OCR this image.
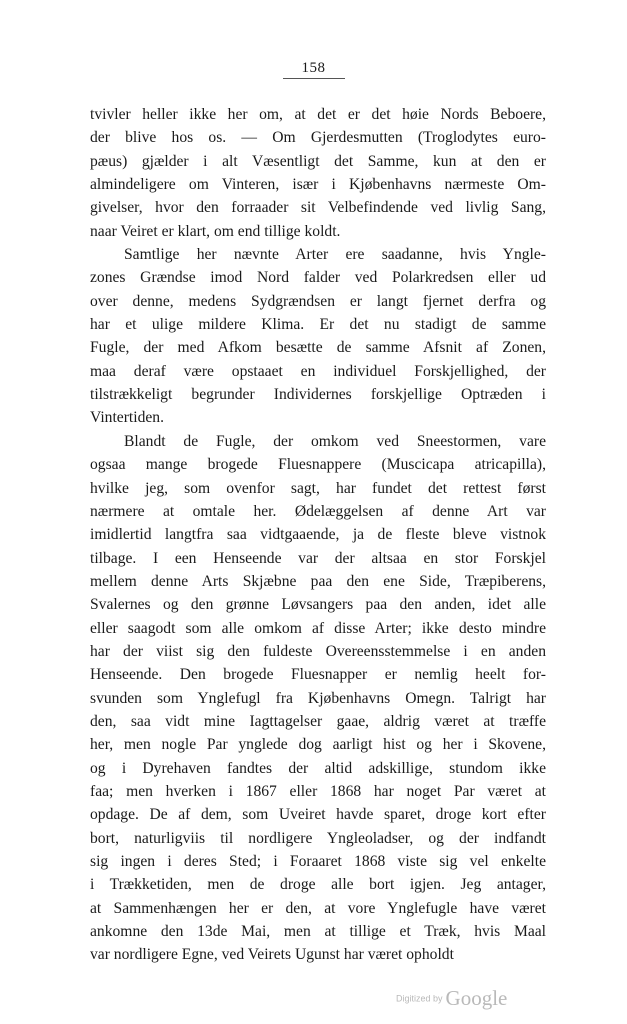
158
tvivler heller ikke her om, at det er det høie Nords Beboere,
der blive hos os. — Om Gjerdesmutten (Troglodytes euro-
pæus) gjælder i alt Væsentligt det Samme, kun at den er
almindeligere om Vinteren, især i Kjøbenhavns nærmeste Om-
givelser, hvor den forraader sit Velbefindende ved livlig Sang,
naar Veiret er klart, om end tillige koldt.
Samtlige her nævnte Arter ere saadanne, hvis Yngle-
zones Grændse imod Nord falder ved Polarkredsen eller ud
over denne, medens Sydgrændsen er langt fjernet derfra og
har et ulige mildere Klima. Er det nu stadigt de samme
Fugle, der med Afkom besætte de samme Afsnit af Zonen,
maa deraf være opstaaet en individuel Forskjellighed, der
tilstrækkeligt begrunder Individernes forskjellige Optræden i
Vintertiden.
Blandt de Fugle, der omkom ved Sneestormen, vare
ogsaa mange brogede Fluesnappere (Muscicapa atricapilla),
hvilke jeg, som ovenfor sagt, har fundet det rettest først
nærmere at omtale her. Ødelæggelsen af denne Art var
imidlertid langtfra saa vidtgaaende, ja de fleste bleve vistnok
tilbage. I een Henseende var der altsaa en stor Forskjel
mellem denne Arts Skjæbne paa den ene Side, Træpiberens,
Svalernes og den grønne Løvsangers paa den anden, idet alle
eller saagodt som alle omkom af disse Arter; ikke desto mindre
har der viist sig den fuldeste Overeensstemmelse i en anden
Henseende. Den brogede Fluesnapper er nemlig heelt for-
svunden som Ynglefugl fra Kjøbenhavns Omegn. Talrigt har
den, saa vidt mine Iagttagelser gaae, aldrig været at træffe
her, men nogle Par ynglede dog aarligt hist og her i Skovene,
og i Dyrehaven fandtes der altid adskillige, stundom ikke
faa; men hverken i 1867 eller 1868 har noget Par været at
opdage. De af dem, som Uveiret havde sparet, droge kort efter
bort, naturligviis til nordligere Yngleoladser, og der indfandt
sig ingen i deres Sted; i Foraaret 1868 viste sig vel enkelte
i Trækketiden, men de droge alle bort igjen. Jeg antager,
at Sammenhængen her er den, at vore Ynglefugle have været
ankomne den 13de Mai, men at tillige et Træk, hvis Maal
var nordligere Egne, ved Veirets Ugunst har været opholdt
Digitized by Google
